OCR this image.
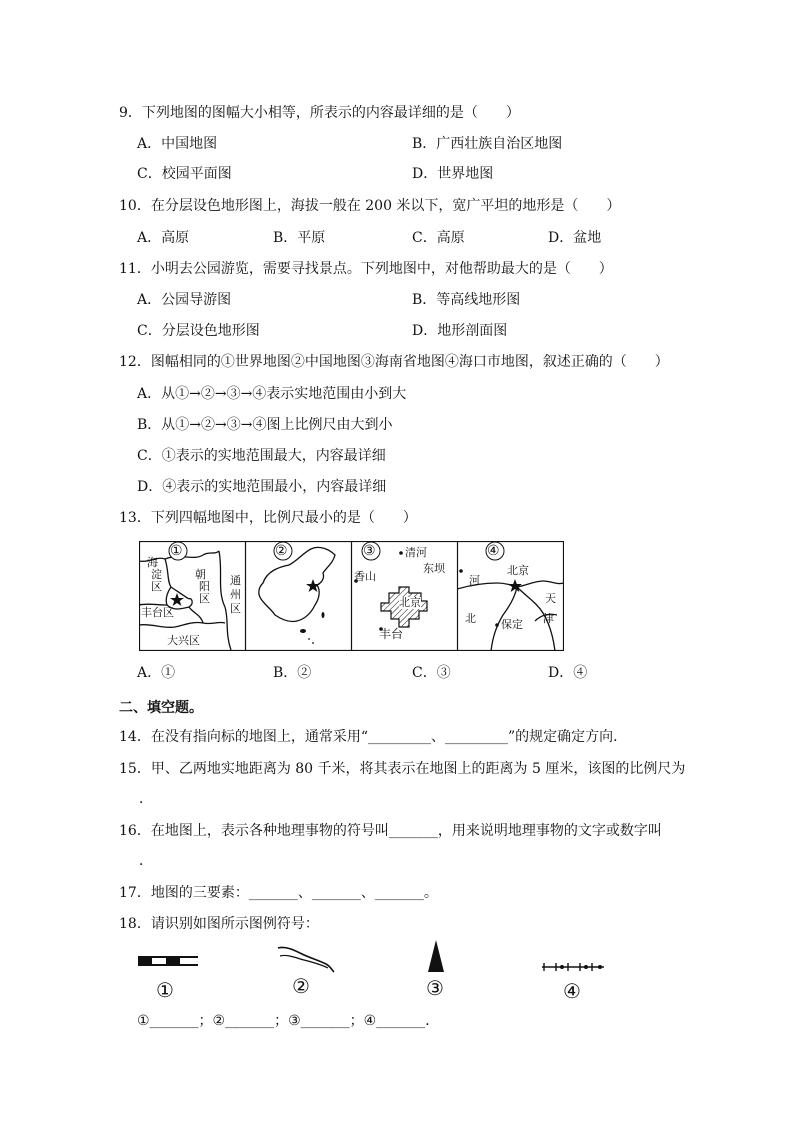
9．下列地图的图幅大小相等，所表示的内容最详细的是（　　）
A．中国地图	B．广西壮族自治区地图
C．校园平面图	D．世界地图
10．在分层设色地形图上，海拔一般在 200 米以下，宽广平坦的地形是（　　）
A．高原	B．平原	C．高原	D．盆地
11．小明去公园游览，需要寻找景点。下列地图中，对他帮助最大的是（　　）
A．公园导游图	B．等高线地形图
C．分层设色地形图	D．地形剖面图
12．图幅相同的①世界地图②中国地图③海南省地图④海口市地图，叙述正确的（　　）
A．从①→②→③→④表示实地范围由小到大
B．从①→②→③→④图上比例尺由大到小
C．①表示的实地范围最大，内容最详细
D．④表示的实地范围最小，内容最详细
13．下列四幅地图中，比例尺最小的是（　　）
①
海
淀
区
朝
阳
区
通
州
区
丰台区
大兴区
②	③	清河
东坝
香山
北京
丰台
④
北京
河
北 保定
天
津
A．①	B．②	C．③	D．④
二、填空题。
14．在没有指向标的地图上，通常采用“_________、_________”的规定确定方向．
15．甲、乙两地实地距离为 80 千米，将其表示在地图上的距离为 5 厘米，该图的比例尺为
．
16．在地图上，表示各种地理事物的符号叫_______，用来说明地理事物的文字或数字叫
．
17．地图的三要素：_______、_______、_______。
18．请识别如图所示图例符号：
①	②	③	④
①_______；②_______；③_______；④_______．
